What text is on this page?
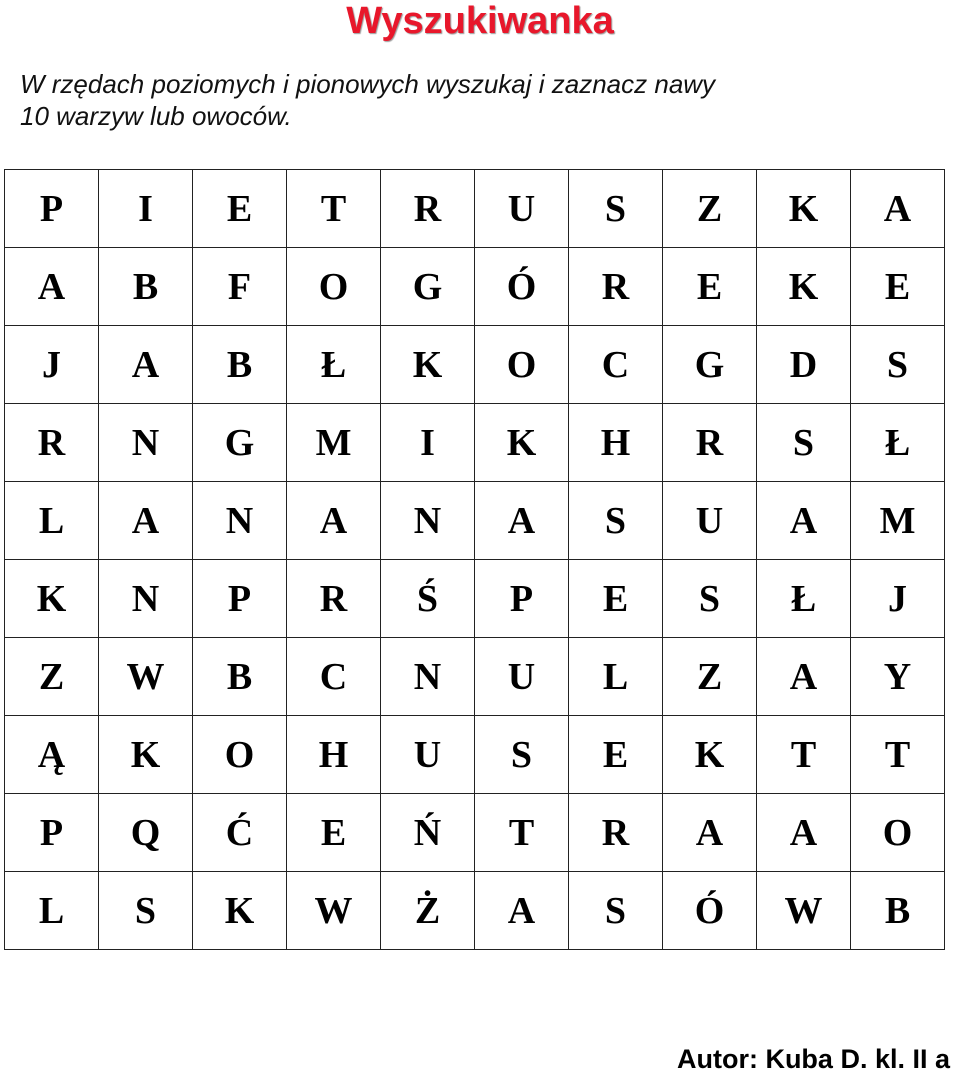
Wyszukiwanka
W rzędach poziomych i pionowych wyszukaj i zaznacz nawy
10 warzyw lub owoców.
P	I	E	T	R	U	S	Z	K	A
A	B	F	O	G	Ó	R	E	K	E
J	A	B	Ł	K	O	C	G	D	S
R	N	G	M	I	K	H	R	S	Ł
L	A	N	A	N	A	S	U	A	M
K	N	P	R	Ś	P	E	S	Ł	J
Z	W	B	C	N	U	L	Z	A	Y
Ą	K	O	H	U	S	E	K	T	T
P	Q	Ć	E	Ń	T	R	A	A	O
L	S	K	W	Ż	A	S	Ó	W	B
Autor: Kuba D. kl. II a
